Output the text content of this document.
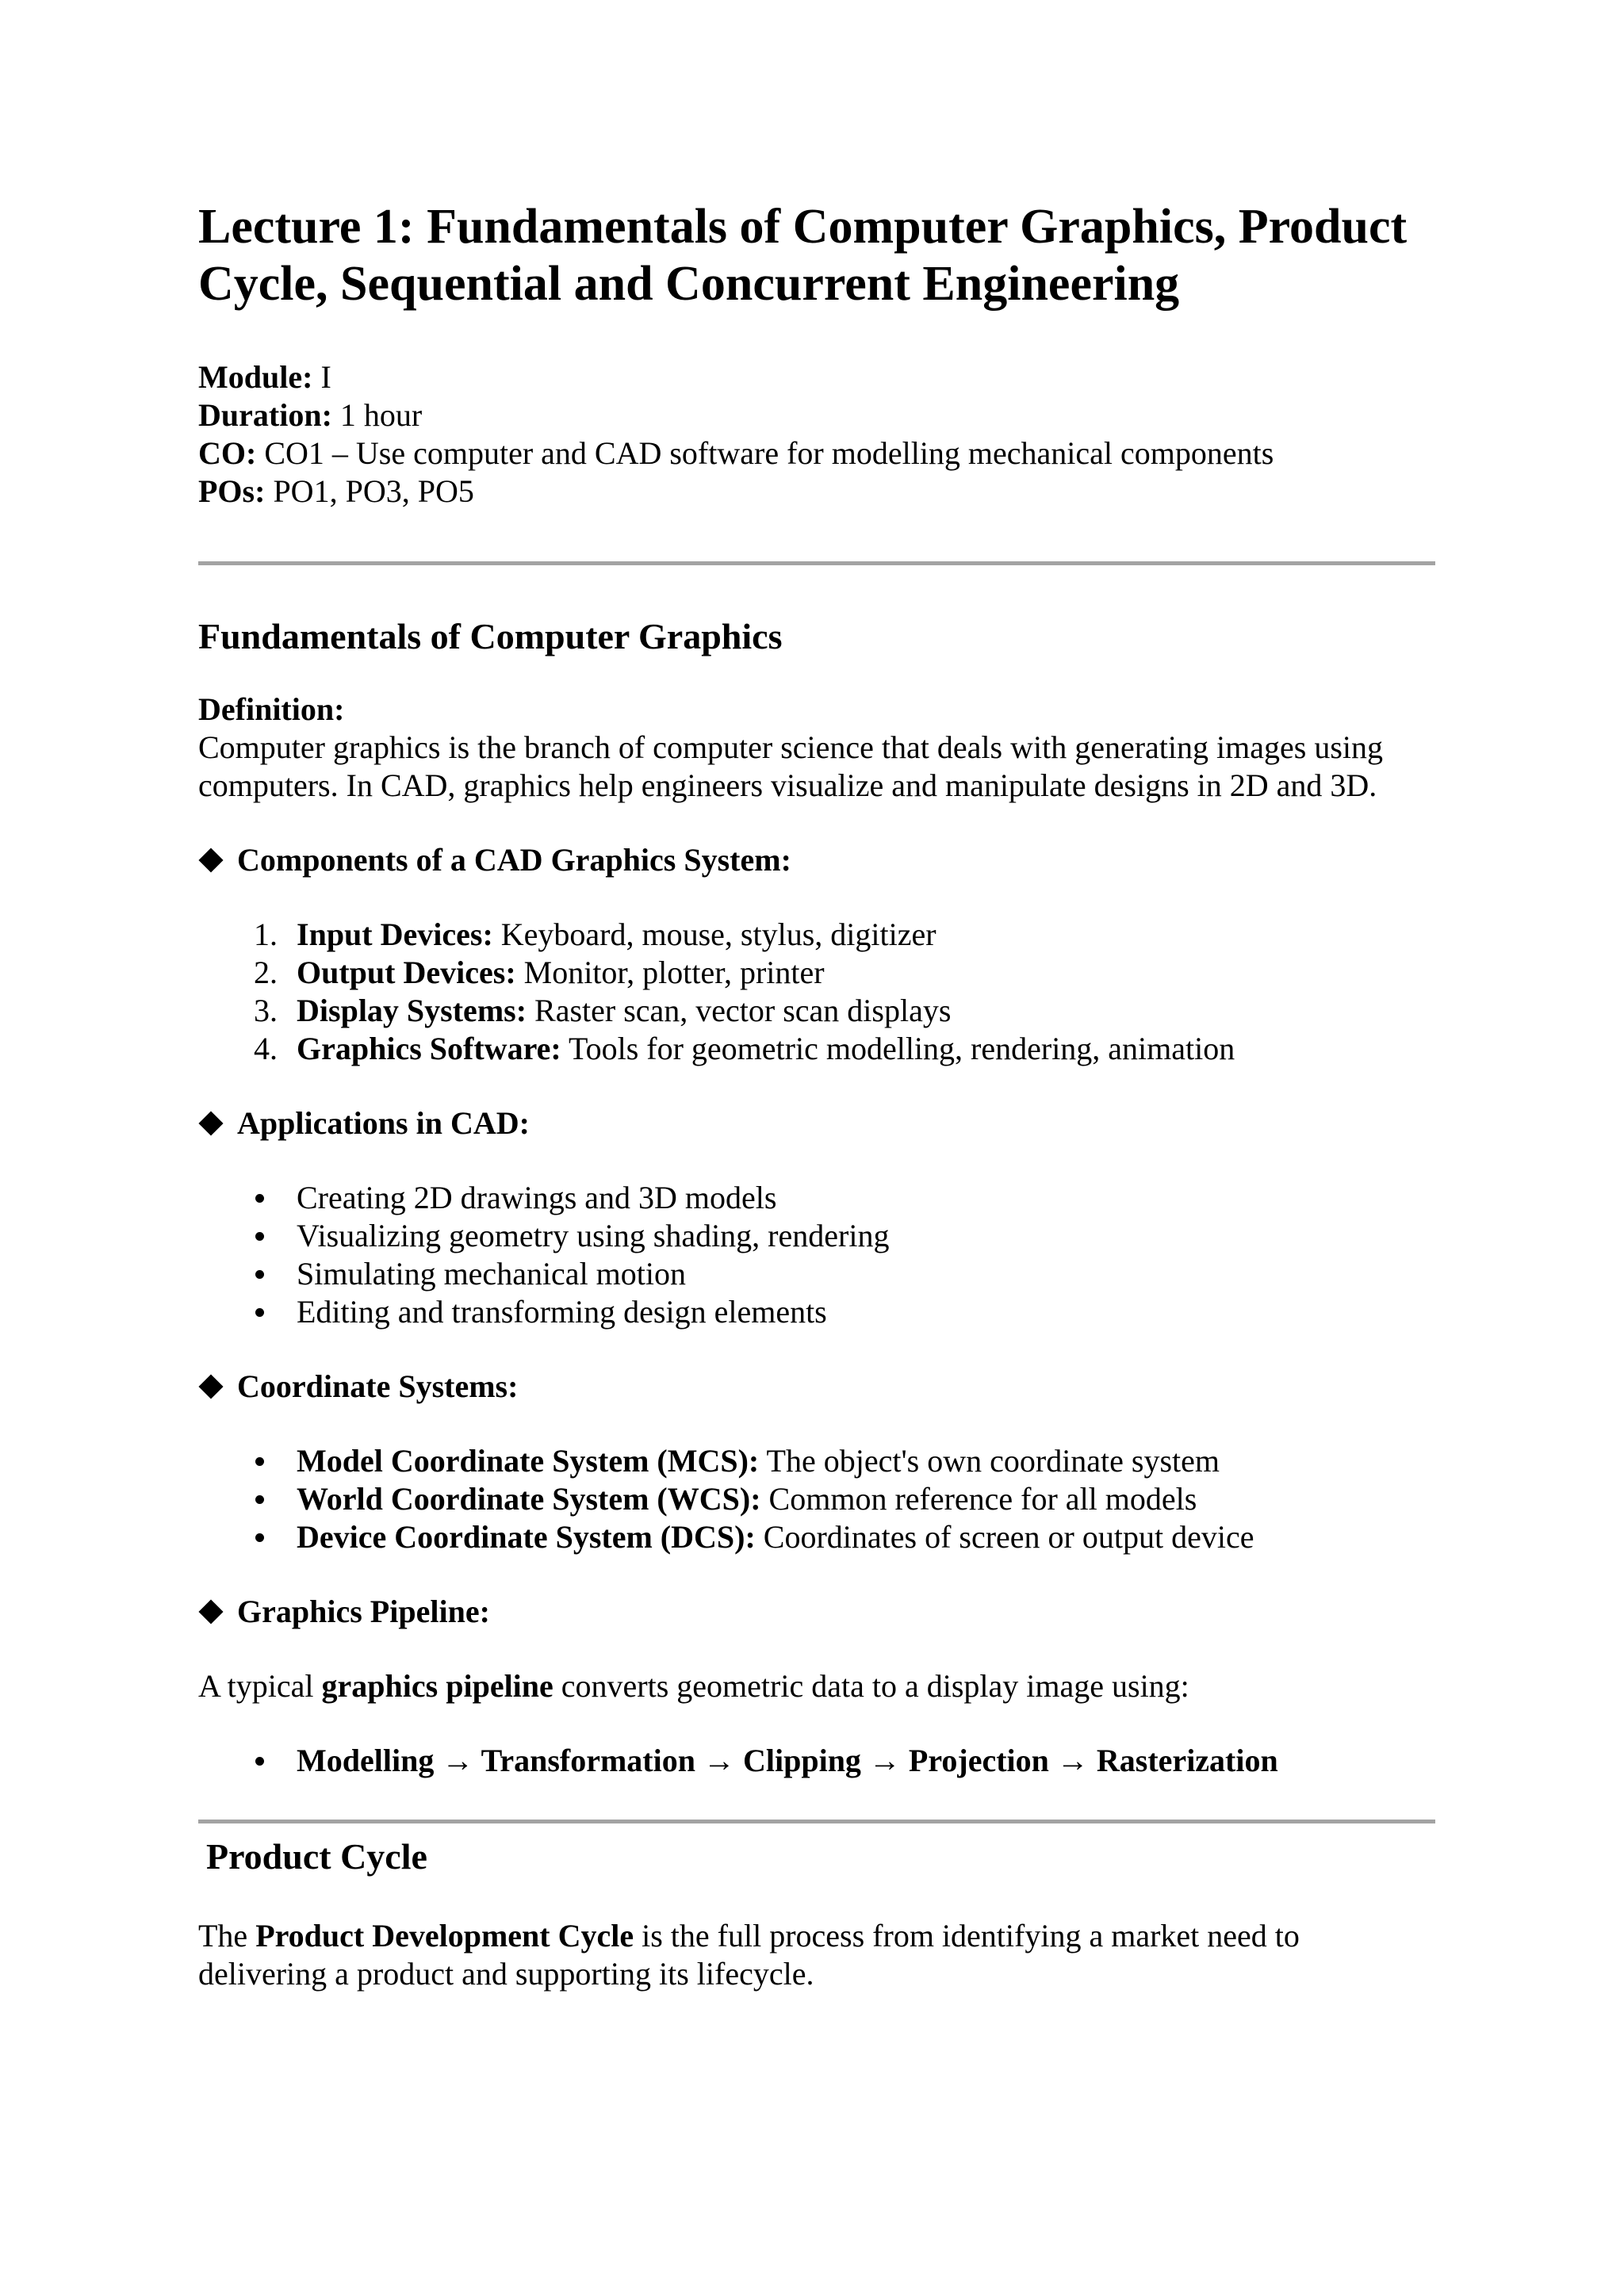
Lecture 1: Fundamentals of Computer Graphics, Product Cycle, Sequential and Concurrent Engineering
Module: I
Duration: 1 hour
CO: CO1 – Use computer and CAD software for modelling mechanical components
POs: PO1, PO3, PO5
Fundamentals of Computer Graphics
Definition:

Computer graphics is the branch of computer science that deals with generating images using computers. In CAD, graphics help engineers visualize and manipulate designs in 2D and 3D.

Components of a CAD Graphics System:
1. Input Devices: Keyboard, mouse, stylus, digitizer
2. Output Devices: Monitor, plotter, printer
3. Display Systems: Raster scan, vector scan displays
4. Graphics Software: Tools for geometric modelling, rendering, animation
Applications in CAD:
Creating 2D drawings and 3D models
Visualizing geometry using shading, rendering
Simulating mechanical motion
Editing and transforming design elements
Coordinate Systems:
Model Coordinate System (MCS): The object's own coordinate system
World Coordinate System (WCS): Common reference for all models
Device Coordinate System (DCS): Coordinates of screen or output device
Graphics Pipeline:

A typical graphics pipeline converts geometric data to a display image using:

Modelling → Transformation → Clipping → Projection → Rasterization
Product Cycle

The Product Development Cycle is the full process from identifying a market need to delivering a product and supporting its lifecycle.
